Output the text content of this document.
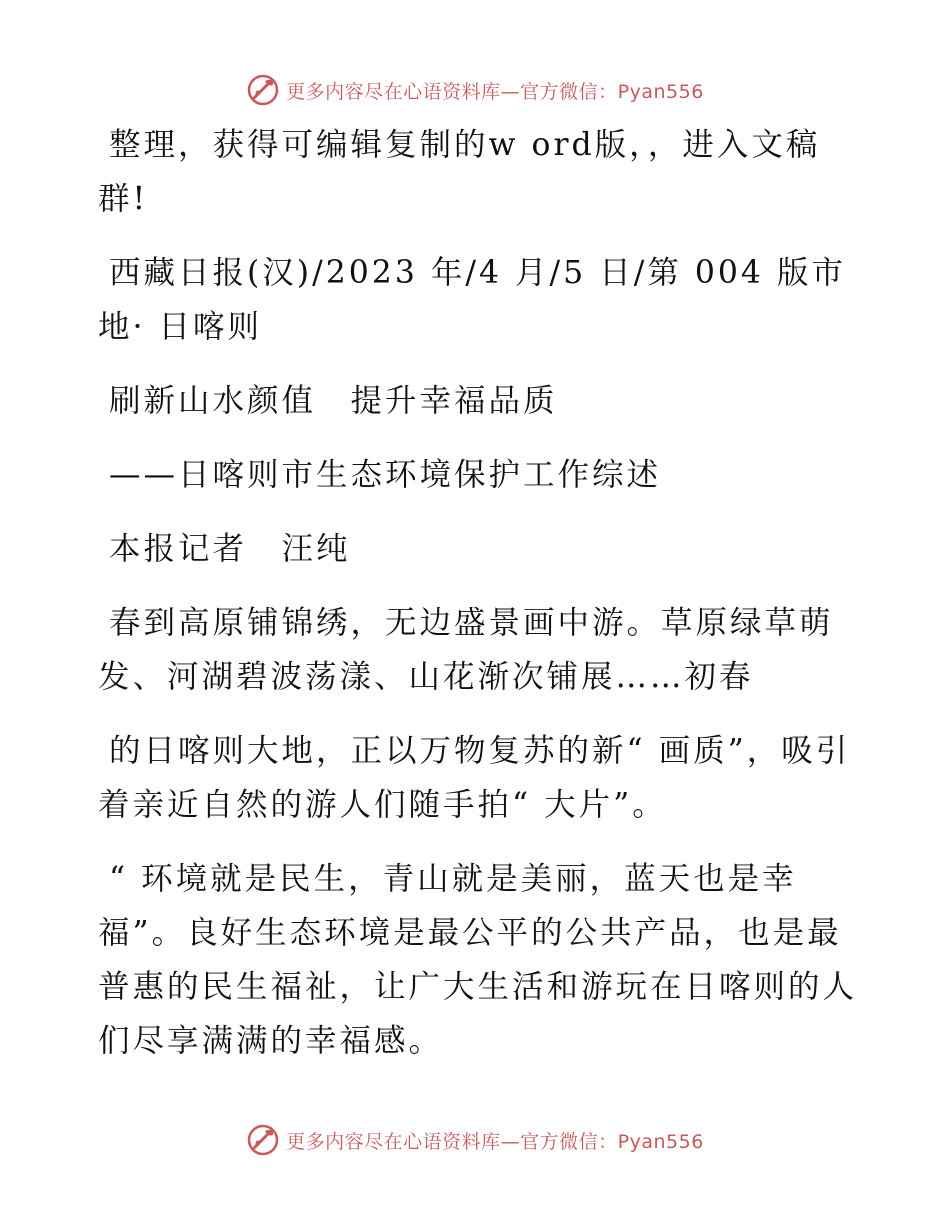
更多内容尽在心语资料库—官方微信：Pyan556

整理，获得可编辑复制的w ord版，，进入文稿群!

西藏日报(汉)/2023 年/4 月/5 日/第 004 版市地· 日喀则

刷新山水颜值　提升幸福品质

——日喀则市生态环境保护工作综述

本报记者　汪纯

春到高原铺锦绣，无边盛景画中游。草原绿草萌发、河湖碧波荡漾、山花渐次铺展……初春

的日喀则大地，正以万物复苏的新“ 画质”，吸引着亲近自然的游人们随手拍“ 大片”。

“ 环境就是民生，青山就是美丽，蓝天也是幸福”。良好生态环境是最公平的公共产品，也是最普惠的民生福祉，让广大生活和游玩在日喀则的人们尽享满满的幸福感。

更多内容尽在心语资料库—官方微信：Pyan556
